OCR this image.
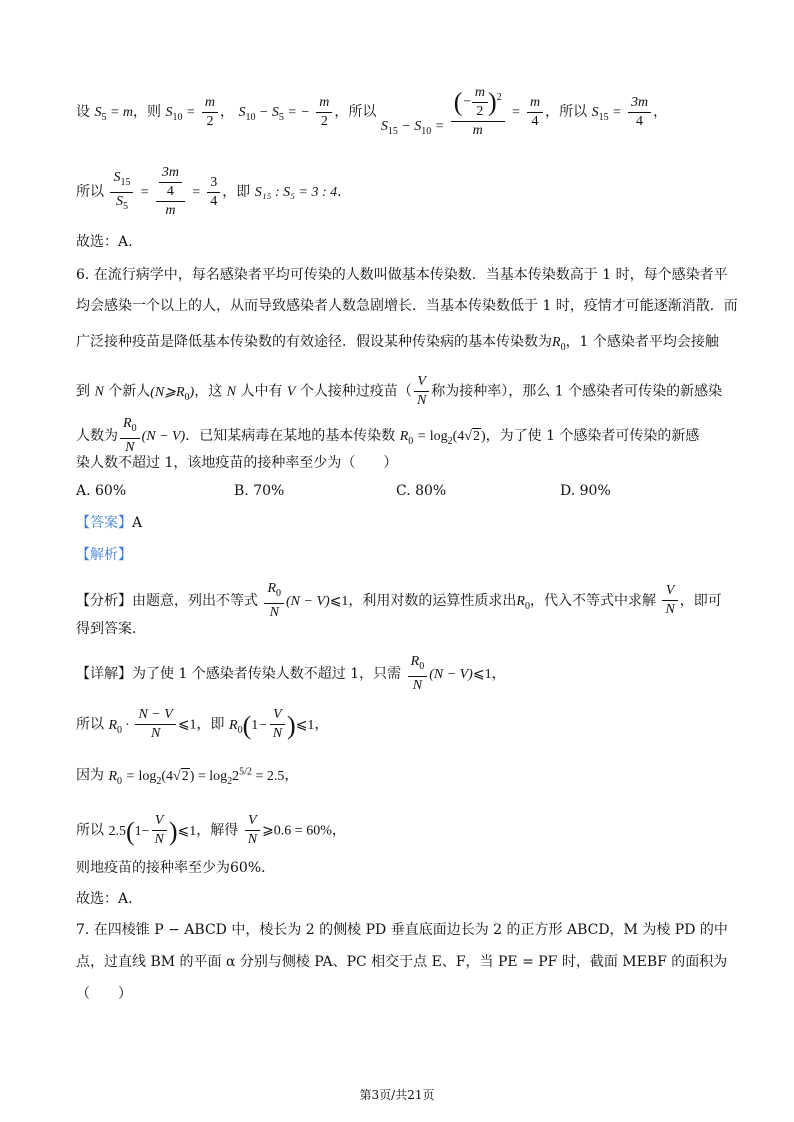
设 $S_5 = m$，则 $S_{10} = \frac{m}{2}$ ， $S_{10} - S_5$ = − $\frac{m}{2}$ ，所以 $S_{15} - S_{10} = \frac{(- \frac{m}{2} )^2}{m} = \frac{m}{4}$ ，所以 $S_{15} = \frac{3m}{4}$ ，
所以 $\frac{S_{15}}{S_5} = \frac{\frac{3m}{4}}{m} = \frac{3}{4}$ ，即 S₁₅ : S₅ = 3 : 4.
故选：A.
6. 在流行病学中，每名感染者平均可传染的人数叫做基本传染数．当基本传染数高于 1 时，每个感染者平
均会感染一个以上的人，从而导致感染者人数急剧增长．当基本传染数低于 1 时，疫情才可能逐渐消散．而
广泛接种疫苗是降低基本传染数的有效途径．假设某种传染病的基本传染数为$R_0$，1 个感染者平均会接触
到 N 个新人$(N⩾R_0)$，这 N 人中有 V 个人接种过疫苗（ $\frac{V}{N}$ 称为接种率），那么 1 个感染者可传染的新感染
人数为 $\frac{R_0}{N} (N - V)$．已知某病毒在某地的基本传染数 $R_0 = \log_2(4√2)$，为了使 1 个感染者可传染的新感
染人数不超过 1，该地疫苗的接种率至少为（　　）
A. 60%	B. 70%	C. 80%	D. 90%
【答案】A
【解析】
【分析】由题意，列出不等式 $\frac{R_0}{N} (N$ − V)⩽1，利用对数的运算性质求出$R_0$，代入不等式中求解 $\frac{V}{N}$ ，即可
得到答案．
【详解】为了使 1 个感染者传染人数不超过 1，只需 $\frac{R_0}{N} (N$ − V)⩽1，
所以 $R_0 \cdot \frac{N - V}{N}$ ⩽1，即 $R_0(1- \frac{V}{N}$ )⩽1，
因为 $R_0 = \log_2(4√2) = \log_22^{5/2} = 2.5$，
所以 $2.5(1- \frac{V}{N}$ )⩽1，解得 $\frac{V}{N}$ ⩾0.6 = 60%，
则地疫苗的接种率至少为60%．
故选：A.
7. 在四棱锥 P − ABCD 中，棱长为 2 的侧棱 PD 垂直底面边长为 2 的正方形 ABCD，M 为棱 PD 的中
点，过直线 BM 的平面 α 分别与侧棱 PA、PC 相交于点 E、F，当 PE = PF 时，截面 MEBF 的面积为
（　　）
第3页/共21页
